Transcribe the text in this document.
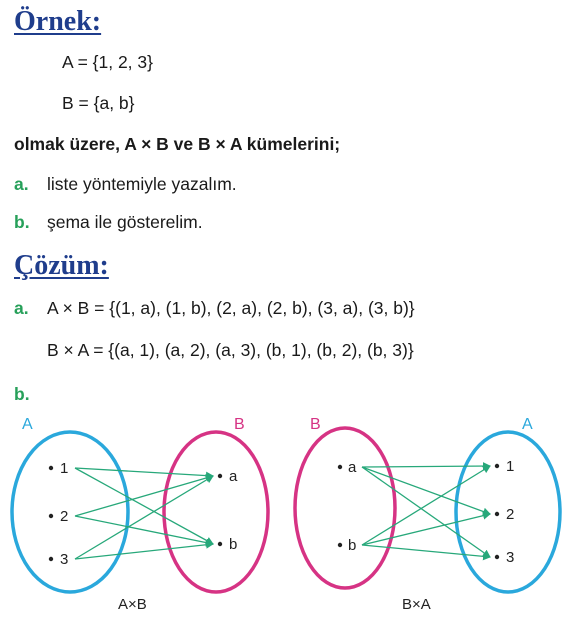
Örnek:
A = {1, 2, 3}
B = {a, b}
olmak üzere, A × B ve B × A kümelerini;
a. liste yöntemiyle yazalım.
b. şema ile gösterelim.
Çözüm:
a. A × B = {(1, a), (1, b), (2, a), (2, b), (3, a), (3, b)}
B × A = {(a, 1), (a, 2), (a, 3), (b, 1), (b, 2), (b, 3)}
b.
A	B
1
2
3
a
b
A×B
B	A
a
b
1
2
3
B×A
